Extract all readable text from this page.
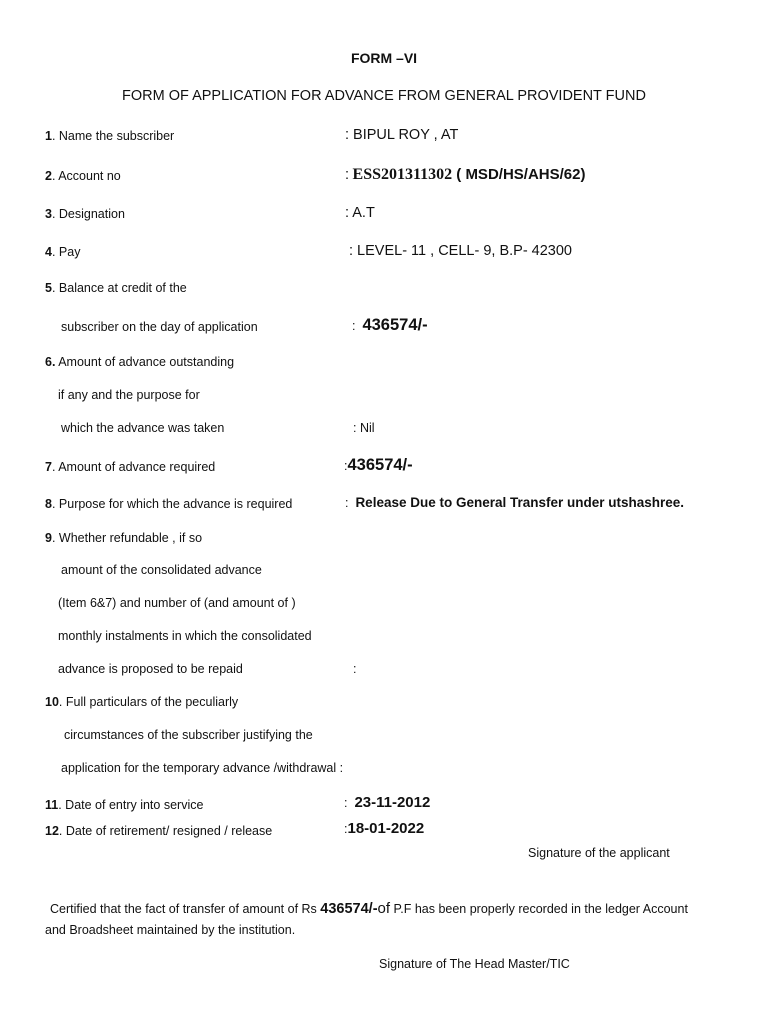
FORM –VI
FORM OF APPLICATION FOR ADVANCE FROM GENERAL PROVIDENT FUND
1. Name the subscriber	: BIPUL ROY , AT
2. Account no	: ESS201311302 ( MSD/HS/AHS/62)
3. Designation	: A.T
4. Pay	: LEVEL- 11 , CELL- 9, B.P- 42300
5. Balance at credit of the
subscriber on the day of application	: 436574/-
6. Amount of advance outstanding
if any and the purpose for
which the advance was taken	: Nil
7. Amount of advance required	:436574/-
8. Purpose for which the advance is required	: Release Due to General Transfer under utshashree.
9. Whether refundable , if so
amount of the consolidated advance
(Item 6&7) and number of (and amount of )
monthly instalments in which the consolidated
advance is proposed to be repaid	:
10. Full particulars of the peculiarly
circumstances of the subscriber justifying the
application for the temporary advance /withdrawal :
11. Date of entry into service	: 23-11-2012
12. Date of retirement/ resigned / release	:18-01-2022
Signature of the applicant
Certified that the fact of transfer of amount of Rs 436574/-of P.F has been properly recorded in the ledger Account
and Broadsheet maintained by the institution.
Signature of The Head Master/TIC
